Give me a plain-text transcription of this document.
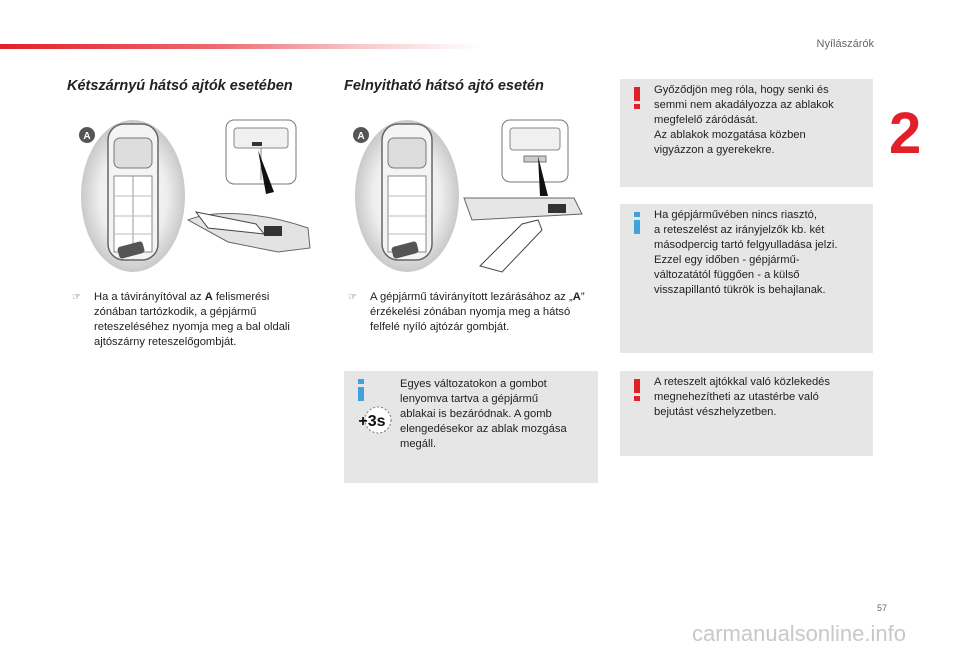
Nyílászárók
2
Kétszárnyú hátsó ajtók esetében
A
☞	Ha a távirányítóval az A felismerési zónában tartózkodik, a gépjármű reteszeléséhez nyomja meg a bal oldali ajtószárny reteszelőgombját.
Felnyitható hátsó ajtó esetén
A
☞	A gépjármű távirányított lezárásához az „A” érzékelési zónában nyomja meg a hátsó felfelé nyíló ajtózár gombját.
+3s
Egyes változatokon a gombot
lenyomva tartva a gépjármű
ablakai is bezáródnak. A gomb
elengedésekor az ablak mozgása
megáll.
Győződjön meg róla, hogy senki és
semmi nem akadályozza az ablakok
megfelelő záródását.
Az ablakok mozgatása közben
vigyázzon a gyerekekre.
Ha gépjárművében nincs riasztó,
a reteszelést az irányjelzők kb. két
másodpercig tartó felgyulladása jelzi.
Ezzel egy időben - gépjármű-
változatától függően - a külső
visszapillantó tükrök is behajlanak.
A reteszelt ajtókkal való közlekedés
megnehezítheti az utastérbe való
bejutást vészhelyzetben.
57
carmanualsonline.info
